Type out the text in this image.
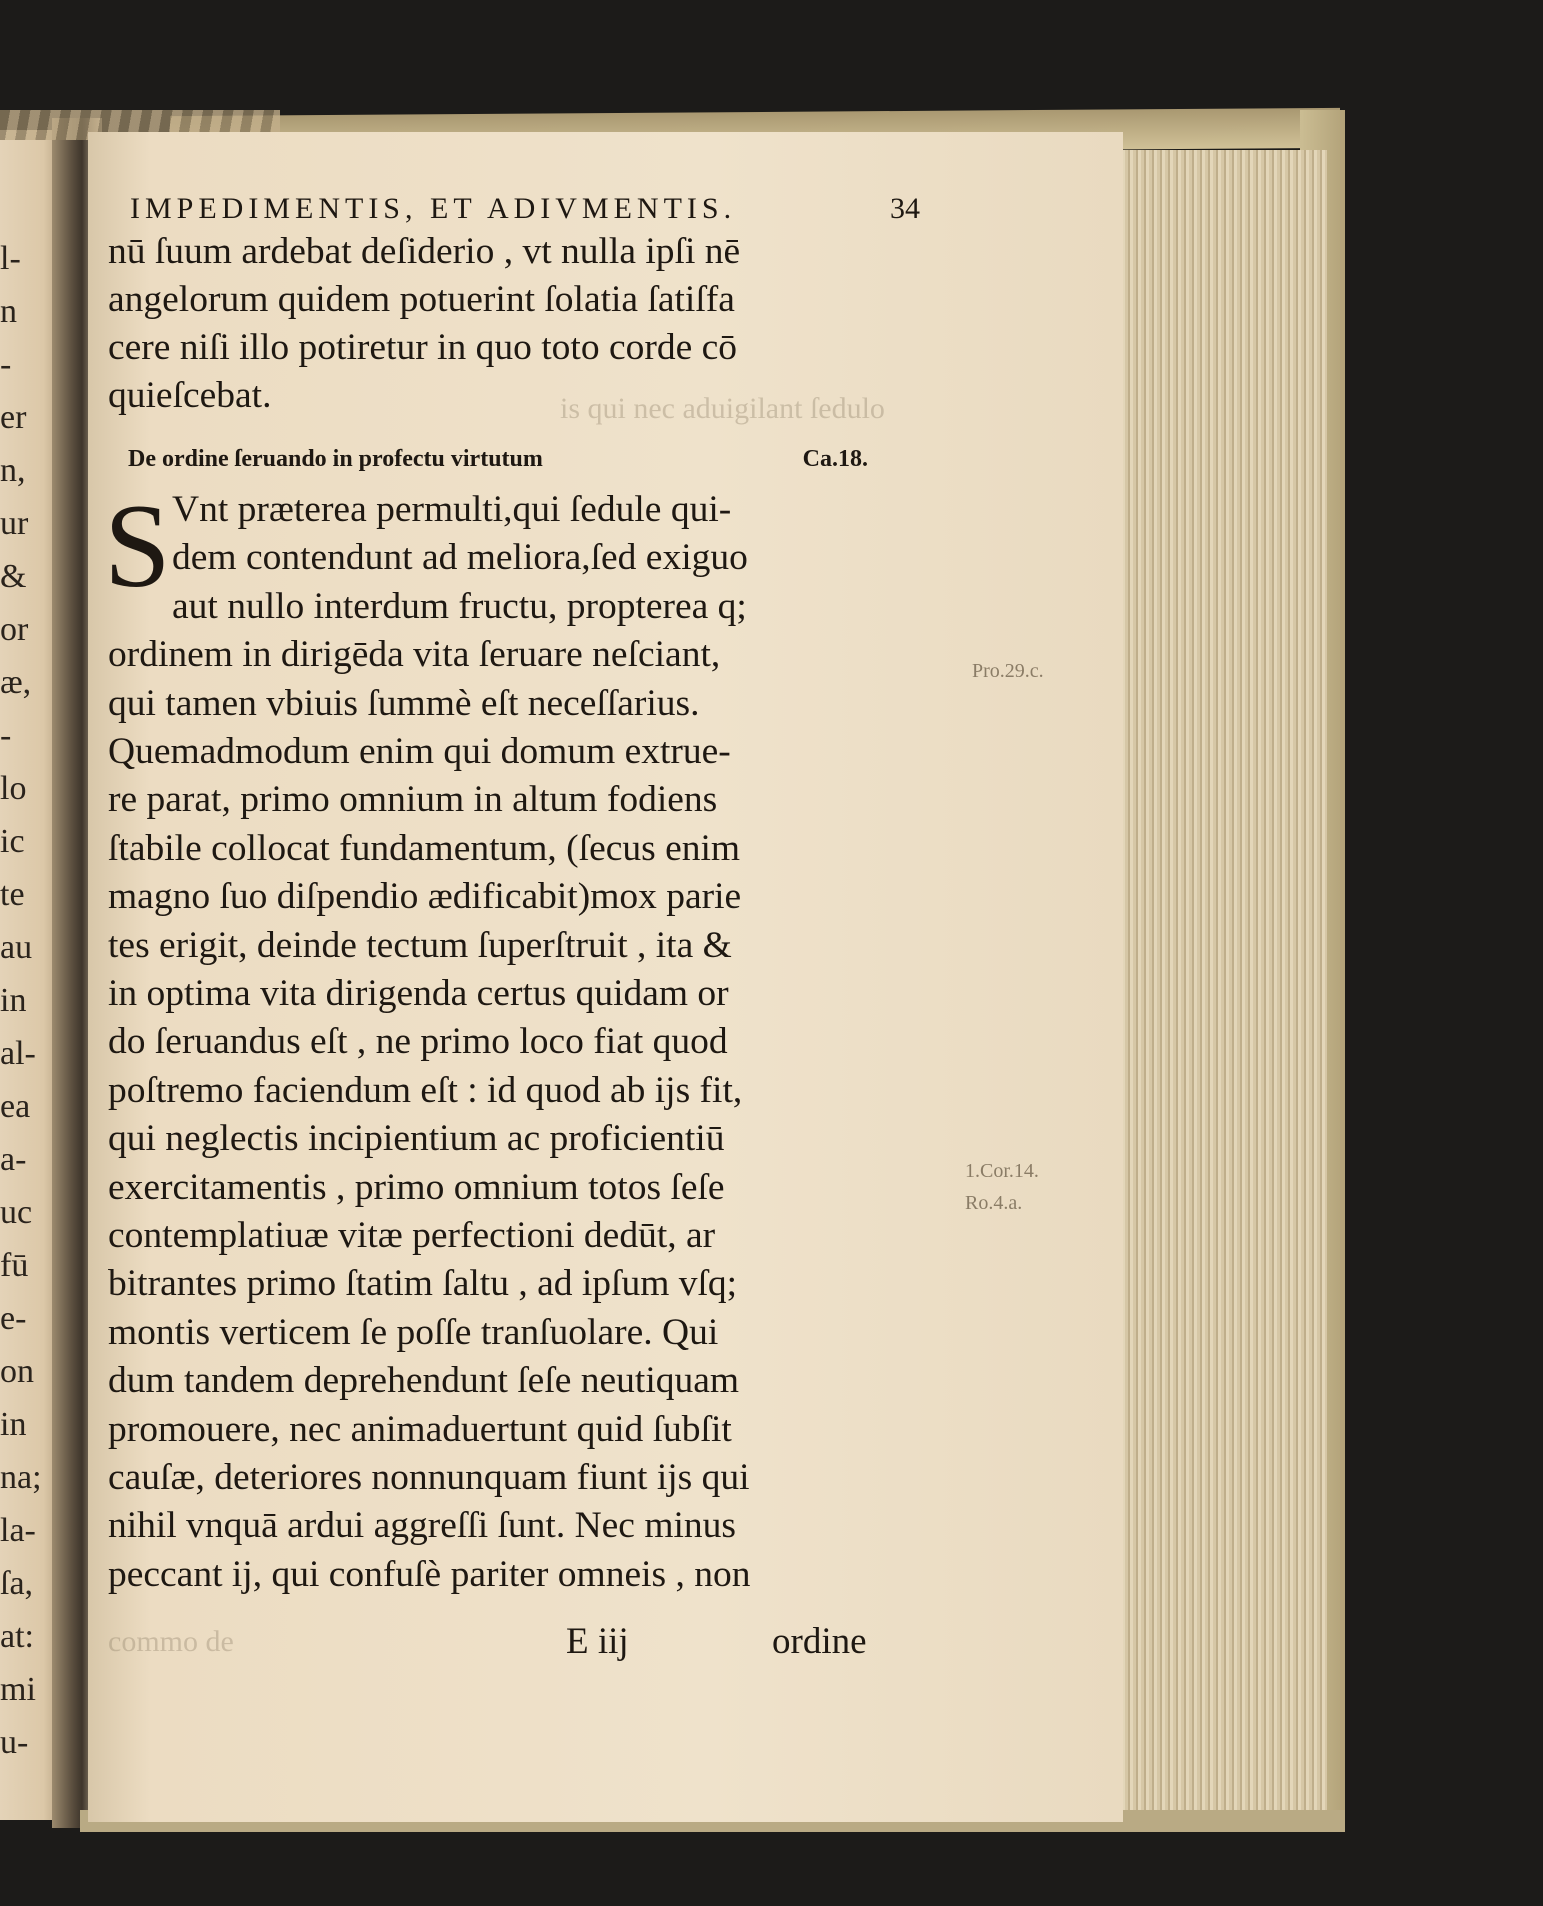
l-
n
-
er
n,
ur
&
or
æ,
-
lo
ic
te
au
in
al-
ea
a-
uc
fū
e-
on
in
na;
la-
ſa,
at:
mi
u-
is qui nec aduigilant ſedulo
commo de
IMPEDIMENTIS, ET ADIVMENTIS.	34
nū ſuum ardebat deſiderio , vt nulla ipſi nē
angelorum quidem potuerint ſolatia ſatiſfa
cere niſi illo potiretur in quo toto corde cō
quieſcebat.
De ordine ſeruando in profectu virtutum	Ca.18.
S Vnt præterea permulti,qui ſedule qui-
dem contendunt ad meliora,ſed exiguo
aut nullo interdum fructu, propterea q;
ordinem in dirigēda vita ſeruare neſciant,
qui tamen vbiuis ſummè eſt neceſſarius.
Quemadmodum enim qui domum extrue-
re parat, primo omnium in altum fodiens
ſtabile collocat fundamentum, (ſecus enim
magno ſuo diſpendio ædificabit)mox parie
tes erigit, deinde tectum ſuperſtruit , ita &
in optima vita dirigenda certus quidam or
do ſeruandus eſt , ne primo loco fiat quod
poſtremo faciendum eſt : id quod ab ijs fit,
qui neglectis incipientium ac proficientiū
exercitamentis , primo omnium totos ſeſe
contemplatiuæ vitæ perfectioni dedūt, ar
bitrantes primo ſtatim ſaltu , ad ipſum vſq;
montis verticem ſe poſſe tranſuolare. Qui
dum tandem deprehendunt ſeſe neutiquam
promouere, nec animaduertunt quid ſubſit
cauſæ, deteriores nonnunquam fiunt ijs qui
nihil vnquā ardui aggreſſi ſunt. Nec minus
peccant ij, qui confuſè pariter omneis , non
E iij	ordine
Pro.29.c.
1.Cor.14.
Ro.4.a.
